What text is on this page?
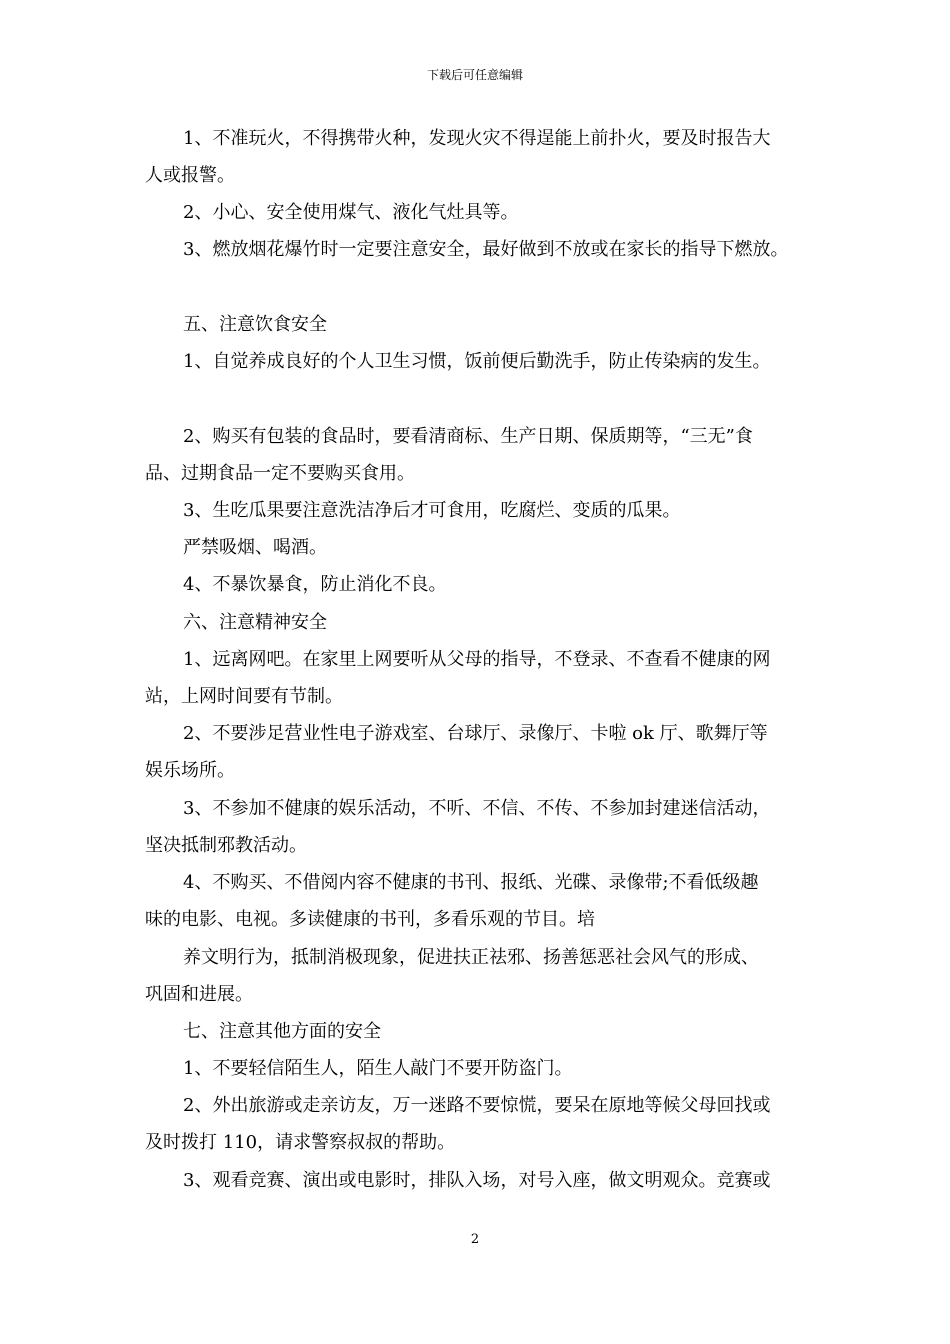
下载后可任意编辑
1、不准玩火，不得携带火种，发现火灾不得逞能上前扑火，要及时报告大
人或报警。
2、小心、安全使用煤气、液化气灶具等。
3、燃放烟花爆竹时一定要注意安全，最好做到不放或在家长的指导下燃放。
五、注意饮食安全
1、自觉养成良好的个人卫生习惯，饭前便后勤洗手，防止传染病的发生。
2、购买有包装的食品时，要看清商标、生产日期、保质期等，“三无”食
品、过期食品一定不要购买食用。
3、生吃瓜果要注意洗洁净后才可食用，吃腐烂、变质的瓜果。
严禁吸烟、喝酒。
4、不暴饮暴食，防止消化不良。
六、注意精神安全
1、远离网吧。在家里上网要听从父母的指导，不登录、不查看不健康的网
站，上网时间要有节制。
2、不要涉足营业性电子游戏室、台球厅、录像厅、卡啦 ok 厅、歌舞厅等
娱乐场所。
3、不参加不健康的娱乐活动，不听、不信、不传、不参加封建迷信活动，
坚决抵制邪教活动。
4、不购买、不借阅内容不健康的书刊、报纸、光碟、录像带;不看低级趣
味的电影、电视。多读健康的书刊，多看乐观的节目。培
养文明行为，抵制消极现象，促进扶正祛邪、扬善惩恶社会风气的形成、
巩固和进展。
七、注意其他方面的安全
1、不要轻信陌生人，陌生人敲门不要开防盗门。
2、外出旅游或走亲访友，万一迷路不要惊慌，要呆在原地等候父母回找或
及时拨打 110，请求警察叔叔的帮助。
3、观看竞赛、演出或电影时，排队入场，对号入座，做文明观众。竞赛或
2
